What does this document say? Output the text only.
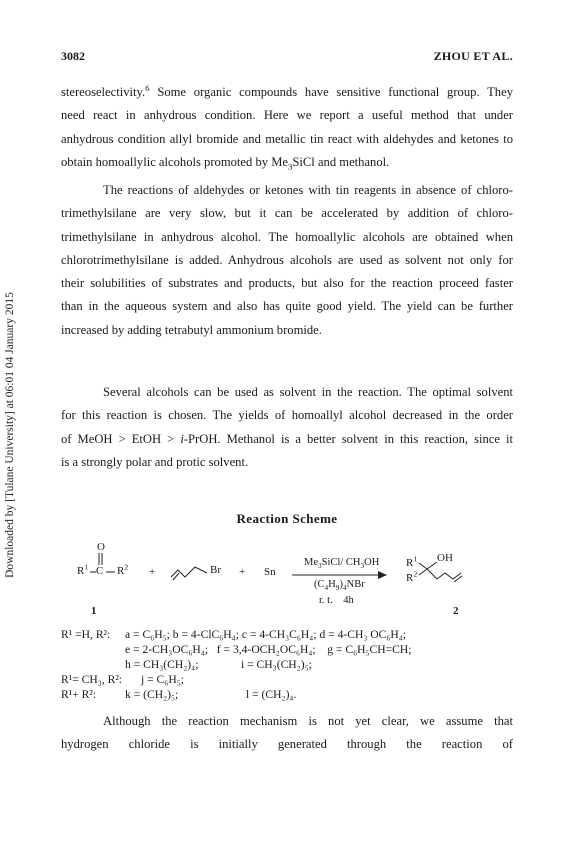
Downloaded by [Tulane University] at 06:01 04 January 2015
3082	ZHOU ET AL.
stereoselectivity.$^6$ Some organic compounds have sensitive functional group. They
need react in anhydrous condition. Here we report a useful method that under
anhydrous condition allyl bromide and metallic tin react with aldehydes and ketones to
obtain homoallylic alcohols promoted by $Me_3SiCl$ and methanol.
The reactions of aldehydes or ketones with tin reagents in absence of chloro-
trimethylsilane are very slow, but it can be accelerated by addition of chloro-
trimethylsilane in anhydrous alcohol. The homoallylic alcohols are obtained when
chlorotrimethylsilane is added. Anhydrous alcohols are used as solvent not only for
their solubilities of substrates and products, but also for the reaction proceed faster
than in the aqueous system and also has quite good yield. The yield can be further
increased by adding tetrabutyl ammonium bromide.
Several alcohols can be used as solvent in the reaction. The optimal solvent
for this reaction is chosen. The yields of homoallyl alcohol decreased in the order
of MeOH > EtOH > i-PrOH. Methanol is a better solvent in this reaction, since it
is a strongly polar and protic solvent.
Reaction Scheme
O
$R^1$ C $R^2$ +	Br + Sn
$Me_3SiCl/$ $CH_3OH$
$(C_4H_9)_4NBr$
r. t.    4h
$R^1$
$R^2$
OH
1	2
R¹ =H, R²: a = C₆H₅; b = 4-ClC₆H₄; c = 4-CH₃C₆H₄; d = 4-CH₃ OC₆H₄;
e = 2-CH₃OC₆H₄;   f = 3,4-OCH₂OC₆H₄;    g = C₆H₅CH=CH;
h = CH₃(CH₂)₄;	i = CH₃(CH₂)₅;
R¹= CH₃, R²: j = C₆H₅;
R¹+ R²: k = (CH₂)₅;	l = (CH₂)₄.
Although the reaction mechanism is not yet clear, we assume that
hydrogen   chloride   is   initially   generated   through   the   reaction   of
